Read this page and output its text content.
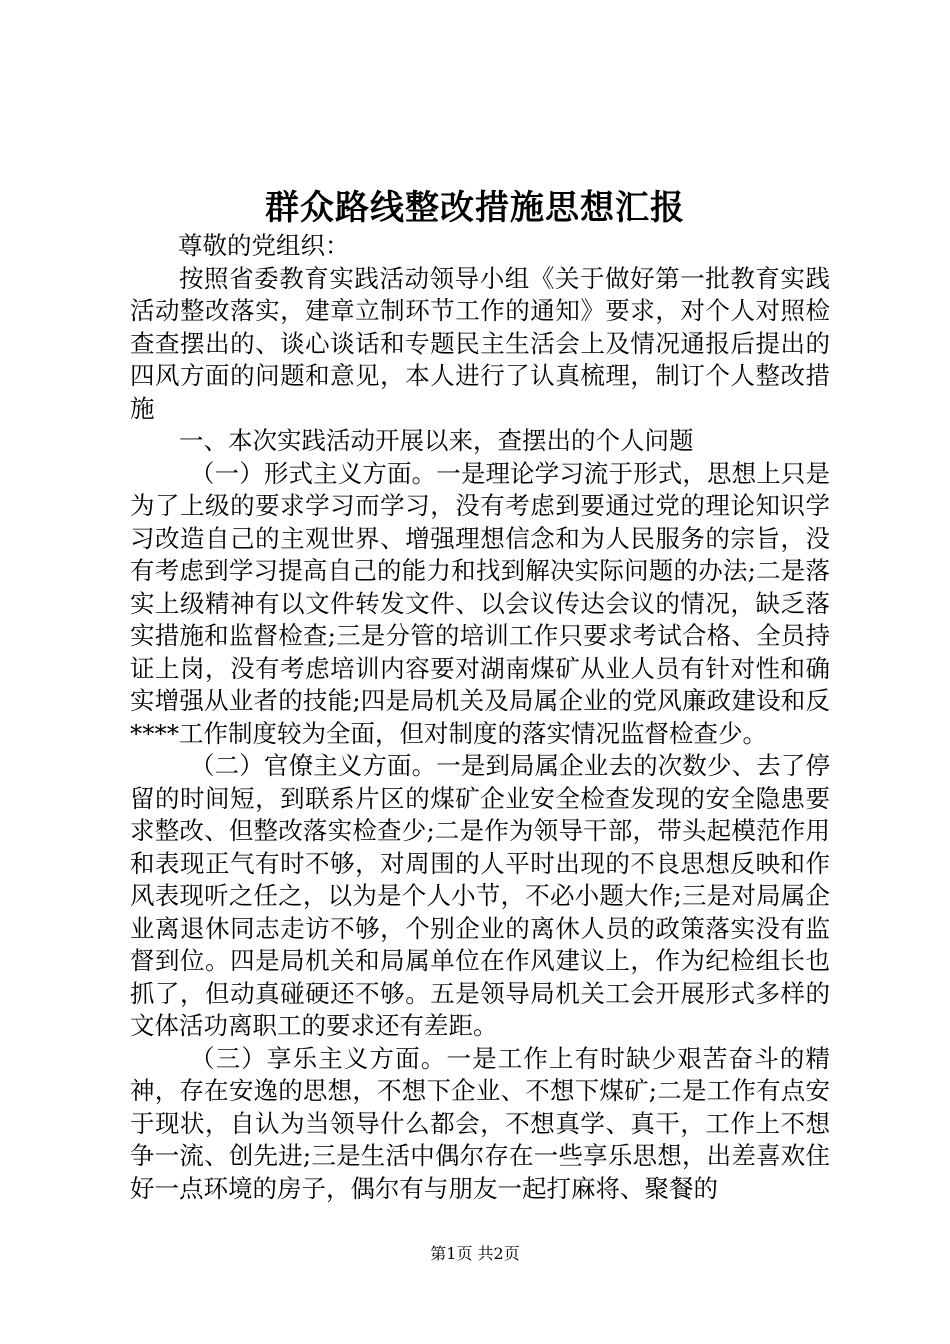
群众路线整改措施思想汇报

尊敬的党组织：

按照省委教育实践活动领导小组《关于做好第一批教育实践活动整改落实，建章立制环节工作的通知》要求，对个人对照检查查摆出的、谈心谈话和专题民主生活会上及情况通报后提出的四风方面的问题和意见，本人进行了认真梳理，制订个人整改措施

一、本次实践活动开展以来，查摆出的个人问题

（一）形式主义方面。一是理论学习流于形式，思想上只是为了上级的要求学习而学习，没有考虑到要通过党的理论知识学习改造自己的主观世界、增强理想信念和为人民服务的宗旨，没有考虑到学习提高自己的能力和找到解决实际问题的办法;二是落实上级精神有以文件转发文件、以会议传达会议的情况，缺乏落实措施和监督检查;三是分管的培训工作只要求考试合格、全员持证上岗，没有考虑培训内容要对湖南煤矿从业人员有针对性和确实增强从业者的技能;四是局机关及局属企业的党风廉政建设和反****工作制度较为全面，但对制度的落实情况监督检查少。

（二）官僚主义方面。一是到局属企业去的次数少、去了停留的时间短，到联系片区的煤矿企业安全检查发现的安全隐患要求整改、但整改落实检查少;二是作为领导干部，带头起模范作用和表现正气有时不够，对周围的人平时出现的不良思想反映和作风表现听之任之，以为是个人小节，不必小题大作;三是对局属企业离退休同志走访不够，个别企业的离休人员的政策落实没有监督到位。四是局机关和局属单位在作风建议上，作为纪检组长也抓了，但动真碰硬还不够。五是领导局机关工会开展形式多样的文体活功离职工的要求还有差距。

（三）享乐主义方面。一是工作上有时缺少艰苦奋斗的精神，存在安逸的思想，不想下企业、不想下煤矿;二是工作有点安于现状，自认为当领导什么都会，不想真学、真干，工作上不想争一流、创先进;三是生活中偶尔存在一些享乐思想，出差喜欢住好一点环境的房子，偶尔有与朋友一起打麻将、聚餐的

第1页 共2页
